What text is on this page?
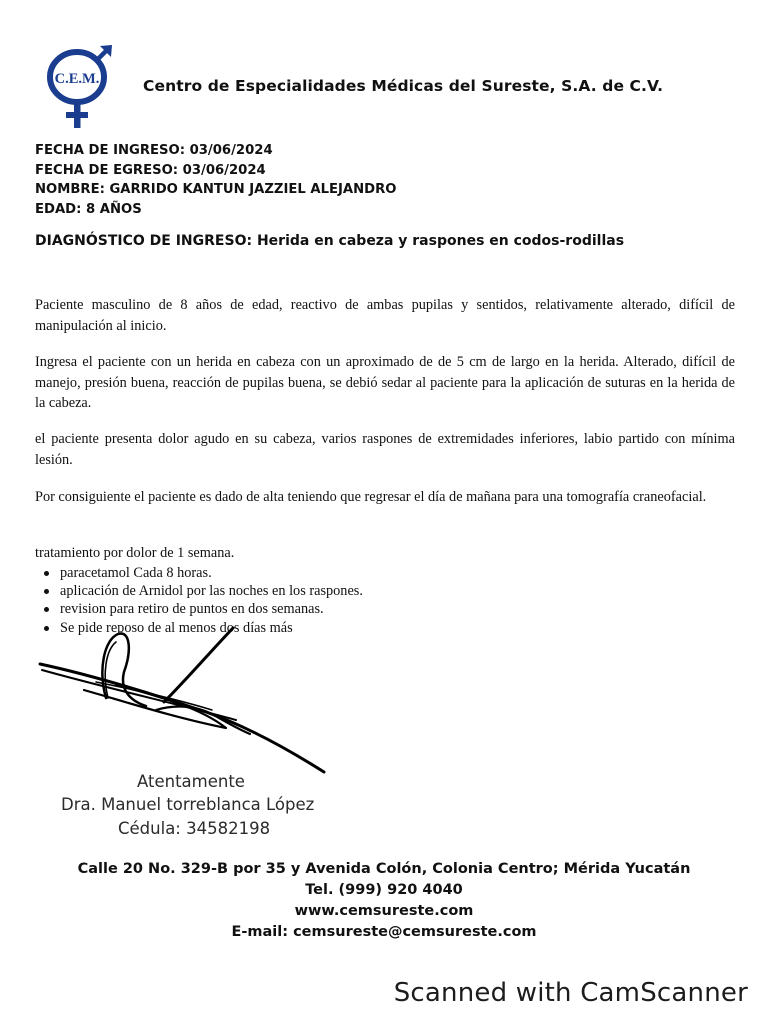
C.E.M.	Centro de Especialidades Médicas del Sureste, S.A. de C.V.
FECHA DE INGRESO: 03/06/2024
FECHA DE EGRESO: 03/06/2024
NOMBRE: GARRIDO KANTUN JAZZIEL ALEJANDRO
EDAD: 8 AÑOS
DIAGNÓSTICO DE INGRESO: Herida en cabeza y raspones en codos-rodillas
Paciente masculino de 8 años de edad, reactivo de ambas pupilas y sentidos, relativamente alterado, difícil de manipulación al inicio.
Ingresa el paciente con un herida en cabeza con un aproximado de de 5 cm de largo en la herida. Alterado, difícil de manejo, presión buena, reacción de pupilas buena, se debió sedar al paciente para la aplicación de suturas en la herida de la cabeza.
el paciente presenta dolor agudo en su cabeza, varios raspones de extremidades inferiores, labio partido con mínima lesión.
Por consiguiente el paciente es dado de alta teniendo que regresar el día de mañana para una tomografía craneofacial.
tratamiento por dolor de 1 semana.
paracetamol Cada 8 horas.
aplicación de Arnidol por las noches en los raspones.
revision para retiro de puntos en dos semanas.
Se pide reposo de al menos dos días más
Atentamente
Dra. Manuel torreblanca López
Cédula: 34582198
Calle 20 No. 329-B por 35 y Avenida Colón, Colonia Centro; Mérida Yucatán
Tel. (999) 920 4040
www.cemsureste.com
E-mail: cemsureste@cemsureste.com
Scanned with CamScanner
